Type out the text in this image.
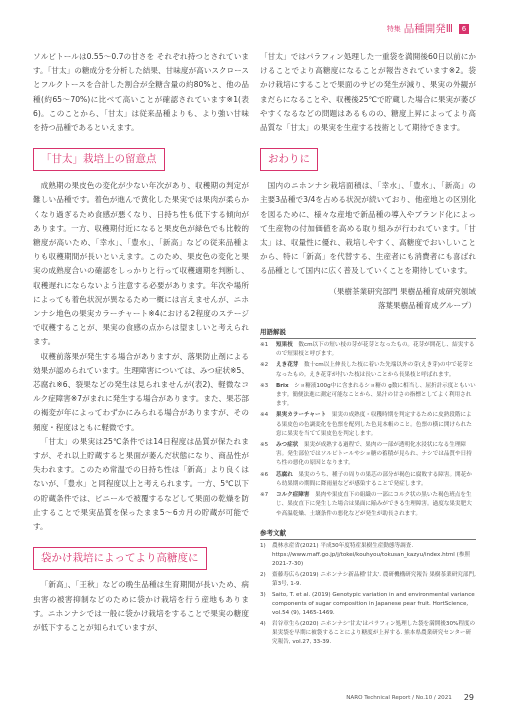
特集 品種開発Ⅲ	6

ソルビトールは0.55～0.7の甘さを それぞれ持つとされています。「甘太」の糖成分を分析した結果、甘味度が高いスクロースとフルクトースを合計した割合が全糖含量の約80%と、他の品種(約65～70%)に比べて高いことが確認されています※1(表6)。このことから、「甘太」は従来品種よりも、より強い甘味を持つ品種であるといえます。

「甘太」栽培上の留意点

成熟期の果皮色の変化が少ない年次があり、収穫期の判定が難しい品種です。着色が進んで黄化した果実では果肉が柔らかくなり過ぎるため食感が悪くなり、日持ち性も低下する傾向があります。一方、収穫期付近になると果皮色が緑色でも比較的糖度が高いため、「幸水」、「豊水」、「新高」などの従来品種よりも収穫期間が長いといえます。このため、果皮色の変化と果実の成熟度合いの確認をしっかりと行って収穫適期を判断し、収穫遅れにならないよう注意する必要があります。年次や場所によっても着色状況が異なるため一概には言えませんが、ニホンナシ地色の果実カラーチャート※4における2程度のステージで収穫することが、果実の食感の点からは望ましいと考えられます。

収穫前落果が発生する場合がありますが、落果防止剤による効果が認められています。生理障害については、みつ症状※5、芯腐れ※6、裂果などの発生は見られませんが(表2)、軽微なコルク症障害※7がまれに発生する場合があります。また、果芯部の褐変が年によってわずかにみられる場合がありますが、その頻度・程度はともに軽微です。

「甘太」の果実は25℃条件では14日程度は品質が保たれますが、それ以上貯蔵すると果面が萎んだ状態になり、商品性が失われます。このため常温での日持ち性は「新高」より良くはないが、「豊水」と同程度以上と考えられます。一方、5℃以下の貯蔵条件では、ビニールで被覆するなどして果面の乾燥を防止することで果実品質を保ったまま5～6カ月の貯蔵が可能です。

袋かけ栽培によってより高糖度に

「新高」、「王秋」などの晩生品種は生育期間が長いため、病虫害の被害抑制などのために袋かけ栽培を行う産地もあります。ニホンナシでは一般に袋かけ栽培をすることで果実の糖度が低下することが知られていますが、

「甘太」ではパラフィン処理した一重袋を満開後60日以前にかけることでより高糖度になることが報告されています※2。袋かけ栽培にすることで果面のサビの発生が減り、果実の外観がまだらになることや、収穫後25℃で貯蔵した場合に果実が萎びやすくなるなどの問題はあるものの、糖度上昇によってより高品質な「甘太」の果実を生産する技術として期待できます。

おわりに

国内のニホンナシ栽培面積は、「幸水」、「豊水」、「新高」の主要3品種で3/4を占める状況が続いており、他産地との区別化を図るために、様々な産地で新品種の導入やブランド化によって生産物の付加価値を高める取り組みが行われています。「甘太」は、収量性に優れ、栽培しやすく、高糖度でおいしいことから、特に「新高」を代替する、生産者にも消費者にも喜ばれる品種として国内に広く普及していくことを期待しています。

（果樹茶業研究部門 果樹品種育成研究領域
落葉果樹品種育成グループ）
用語解説
※1	短果枝　 数cm以下の短い枝の芽が花芽となったもの。花芽が開花し、結実するので短果枝と呼びます。
※2	えき花芽　 数十cm以上伸長した枝に着いた先端以外の芽(えき芽)の中で花芽となったもの。えき花芽が付いた枝は長いことから長果枝と呼ばれます。
※3	Brix　 ショ糖液100g中に含まれるショ糖の g数に相当し、屈折計示度ともいいます。簡便法進に測定可能なことから、果汁の甘さの指標としてよく利用されます。
※4	果実カラーチャート　 果実の成熟度・収穫時期を判定するために皮熟段階による果皮色の色調変化を色票を配列した色見本帳のこと。色票の横に開けられた窓に果実を当てて果皮色を判定します。
※5	みつ症状　 果実が成熟する過程で、果肉の一部が透明化水浸状になる生理障害。発生部位ではソルビトールやショ糖の蓄積が見られ、ナシでは品質や日持ち性の悪化の原因となります。
※6	芯腐れ　 果実のうち、種子の周りの果芯の部分が褐色に腐敗する障害。開花から幼果期の期間に降雨量などが感染することで発症します。
※7	コルク症障害　 果肉や果皮直下の組織の一部にコルク状の黒いた褐色班点を生じ、果皮直下に発生した場合は果面に陥みができる生理障害。過度な果実肥大や高温乾燥、土壌条件の悪化などが発生が助長されます。
参考文献
1)	農林水産省(2021) 平成30年度特産果樹生産動態等調査. https://www.maff.go.jp/j/tokei/kouhyou/tokusan_kazyu/index.html (参照 2021-7-30)
2)	齋藤寿広ら(2019) ニホンナシ新品種'甘太'. 農研機構研究報告 果樹茶業研究部門, 第3号, 1-9.
3)	Saito, T. et al. (2019) Genotypic variation in and environmental variance components of sugar composition in Japanese pear fruit. HortScience, vol.54 (9), 1465-1469.
4)	岩谷章生ら(2020) ニホンナシ'甘太'はパラフィン処理した袋を満開後30%程度の果実袋を早期に被袋することにより糖度が上昇する. 熊本県農業研究センター研究報告, vol.27, 33-39.
NARO Technical Report / No.10 / 2021 29
